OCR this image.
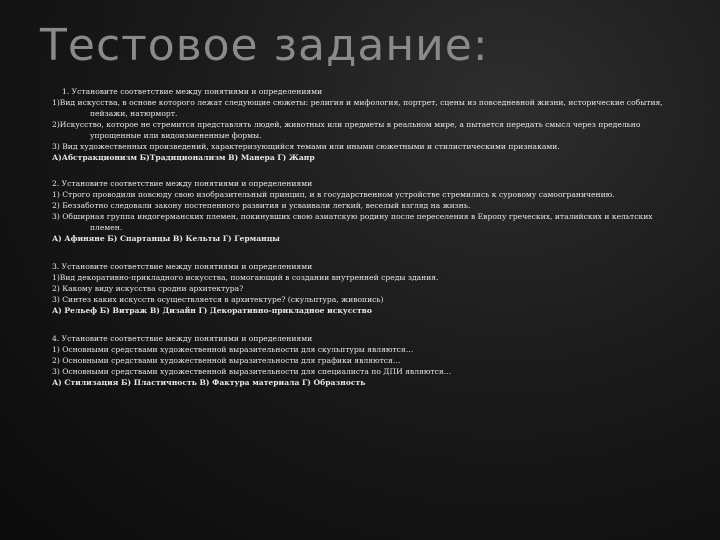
Тестовое задание:
1. Установите соответствие между понятиями и определениями
1)Вид искусства, в основе которого лежат следующие сюжеты: религия и мифология, портрет, сцены из повседневной жизни, исторические события,
пейзажи, натюрморт.
2)Искусство, которое не стремится представлять людей, животных или предметы в реальном мире, а пытается передать смысл через предельно
упрощенные или видоизмененные формы.
3) Вид художественных произведений, характеризующийся темами или иными сюжетными и стилистическими признаками.
А)Абстракционизм Б)Традиционализм В) Манера Г) Жанр
2. Установите соответствие между понятиями и определениями
1) Строго проводили повсюду свою изобразительный принцип, и в государственном устройстве стремились к суровому самоограничению.
2) Беззаботно следовали закону постепенного развития и усваивали легкий, веселый взгляд на жизнь.
3) Обширная группа индогерманских племен, покинувших свою азиатскую родину после переселения в Европу греческих, италийских и кельтских
племен.
А) Афиняне Б) Спартанцы В) Кельты Г) Германцы
3. Установите соответствие между понятиями и определениями
1)Вид декоративно-прикладного искусства, помогающий в создании внутренней среды здания.
2) Какому виду искусства сродни архитектура?
3) Синтез каких искусств осуществляется в архитектуре? (скульптура, живопись)
А) Рельеф Б) Витраж В) Дизайн Г) Декоративно-прикладное искусство
4. Установите соответствие между понятиями и определениями
1) Основными средствами художественной выразительности для скульптуры являются…
2) Основными средствами художественной выразительности для графики являются…
3) Основными средствами художественной выразительности для специалиста по ДПИ являются…
А) Стилизация Б) Пластичность В) Фактура материала Г) Образность
